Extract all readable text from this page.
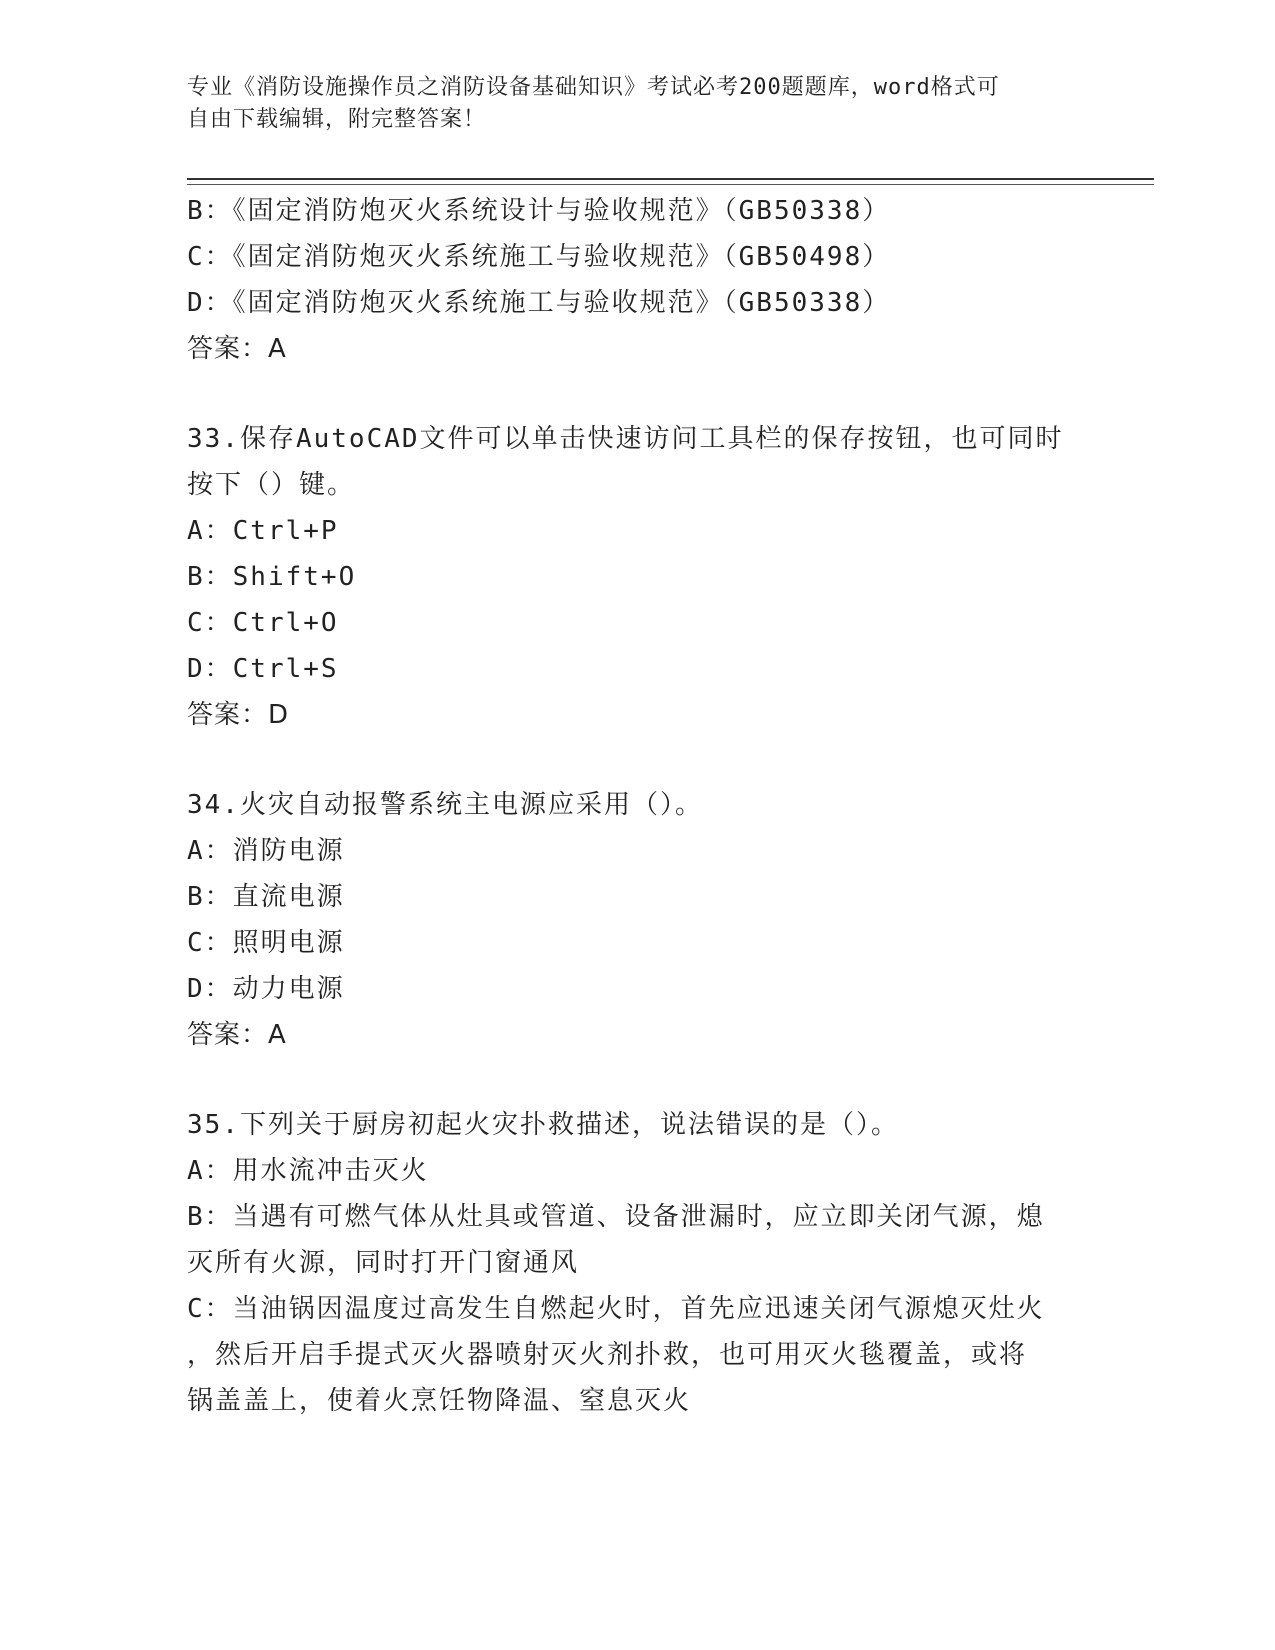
专业《消防设施操作员之消防设备基础知识》考试必考200题题库，word格式可
自由下载编辑，附完整答案！
B：《固定消防炮灭火系统设计与验收规范》（GB50338）
C：《固定消防炮灭火系统施工与验收规范》（GB50498）
D：《固定消防炮灭火系统施工与验收规范》（GB50338）
答案：A
33.保存AutoCAD文件可以单击快速访问工具栏的保存按钮，也可同时
按下（）键。
A：Ctrl+P
B：Shift+O
C：Ctrl+O
D：Ctrl+S
答案：D
34.火灾自动报警系统主电源应采用（）。
A：消防电源
B：直流电源
C：照明电源
D：动力电源
答案：A
35.下列关于厨房初起火灾扑救描述，说法错误的是（）。
A：用水流冲击灭火
B：当遇有可燃气体从灶具或管道、设备泄漏时，应立即关闭气源，熄
灭所有火源，同时打开门窗通风
C：当油锅因温度过高发生自燃起火时，首先应迅速关闭气源熄灭灶火
，然后开启手提式灭火器喷射灭火剂扑救，也可用灭火毯覆盖，或将
锅盖盖上，使着火烹饪物降温、窒息灭火
